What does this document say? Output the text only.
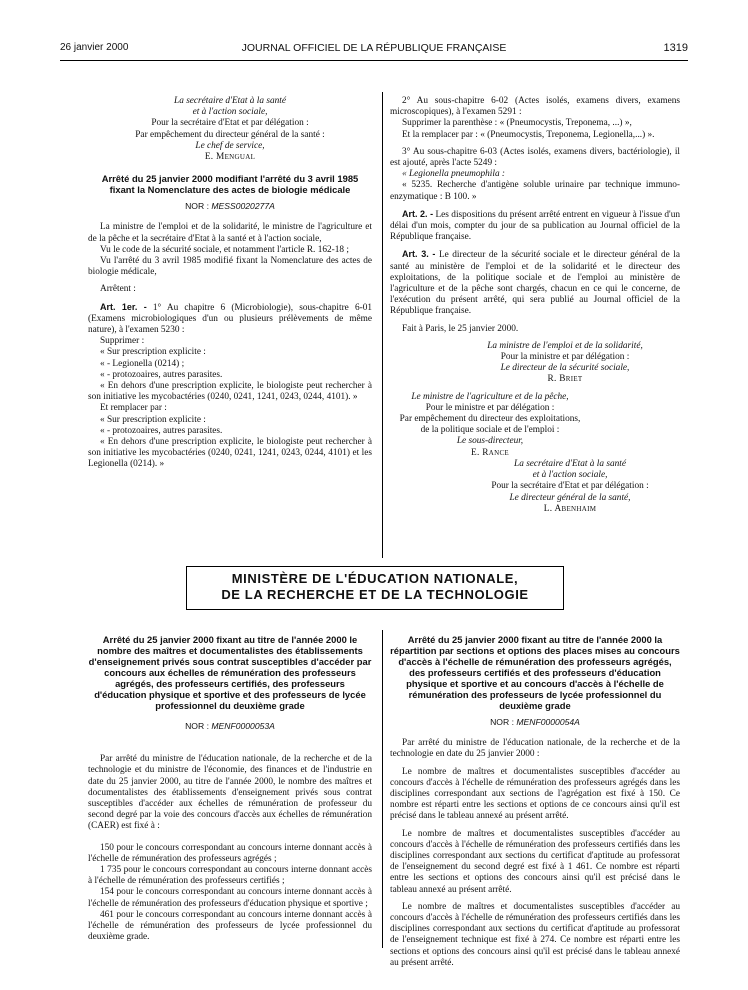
26 janvier 2000	JOURNAL OFFICIEL DE LA RÉPUBLIQUE FRANÇAISE	1319

La secrétaire d'Etat à la santé

et à l'action sociale,

Pour la secrétaire d'Etat et par délégation :

Par empêchement du directeur général de la santé :

Le chef de service,

E. Mengual

Arrêté du 25 janvier 2000 modifiant l'arrêté du 3 avril 1985 fixant la Nomenclature des actes de biologie médicale

NOR : MESS0020277A

La ministre de l'emploi et de la solidarité, le ministre de l'agriculture et de la pêche et la secrétaire d'Etat à la santé et à l'action sociale,

Vu le code de la sécurité sociale, et notamment l'article R. 162-18 ;

Vu l'arrêté du 3 avril 1985 modifié fixant la Nomenclature des actes de biologie médicale,

Arrêtent :

Art. 1er. - 1° Au chapitre 6 (Microbiologie), sous-chapitre 6-01 (Examens microbiologiques d'un ou plusieurs prélèvements de même nature), à l'examen 5230 :

Supprimer :

« Sur prescription explicite :

« - Legionella (0214) ;

« - protozoaires, autres parasites.

« En dehors d'une prescription explicite, le biologiste peut rechercher à son initiative les mycobactéries (0240, 0241, 1241, 0243, 0244, 4101). »

Et remplacer par :

« Sur prescription explicite :

« - protozoaires, autres parasites.

« En dehors d'une prescription explicite, le biologiste peut rechercher à son initiative les mycobactéries (0240, 0241, 1241, 0243, 0244, 4101) et les Legionella (0214). »

2° Au sous-chapitre 6-02 (Actes isolés, examens divers, examens microscopiques), à l'examen 5291 :

Supprimer la parenthèse : « (Pneumocystis, Treponema, ...) »,

Et la remplacer par : « (Pneumocystis, Treponema, Legionella,...) ».

3° Au sous-chapitre 6-03 (Actes isolés, examens divers, bactériologie), il est ajouté, après l'acte 5249 :

« Legionella pneumophila :

« 5235. Recherche d'antigène soluble urinaire par technique immuno-enzymatique : B 100. »

Art. 2. - Les dispositions du présent arrêté entrent en vigueur à l'issue d'un délai d'un mois, compter du jour de sa publication au Journal officiel de la République française.

Art. 3. - Le directeur de la sécurité sociale et le directeur général de la santé au ministère de l'emploi et de la solidarité et le directeur des exploitations, de la politique sociale et de l'emploi au ministère de l'agriculture et de la pêche sont chargés, chacun en ce qui le concerne, de l'exécution du présent arrêté, qui sera publié au Journal officiel de la République française.

Fait à Paris, le 25 janvier 2000.

La ministre de l'emploi et de la solidarité,

Pour la ministre et par délégation :

Le directeur de la sécurité sociale,

R. Briet

Le ministre de l'agriculture et de la pêche,

Pour le ministre et par délégation :

Par empêchement du directeur des exploitations,

de la politique sociale et de l'emploi :

Le sous-directeur,

E. Rance

La secrétaire d'Etat à la santé

et à l'action sociale,

Pour la secrétaire d'Etat et par délégation :

Le directeur général de la santé,

L. Abenhaim

MINISTÈRE DE L'ÉDUCATION NATIONALE,
DE LA RECHERCHE ET DE LA TECHNOLOGIE

Arrêté du 25 janvier 2000 fixant au titre de l'année 2000 le nombre des maîtres et documentalistes des établissements d'enseignement privés sous contrat susceptibles d'accéder par concours aux échelles de rémunération des professeurs agrégés, des professeurs certifiés, des professeurs d'éducation physique et sportive et des professeurs de lycée professionnel du deuxième grade

NOR : MENF0000053A

Par arrêté du ministre de l'éducation nationale, de la recherche et de la technologie et du ministre de l'économie, des finances et de l'industrie en date du 25 janvier 2000, au titre de l'année 2000, le nombre des maîtres et documentalistes des établissements d'enseignement privés sous contrat susceptibles d'accéder aux échelles de rémunération de professeur du second degré par la voie des concours d'accès aux échelles de rémunération (CAER) est fixé à :

150 pour le concours correspondant au concours interne donnant accès à l'échelle de rémunération des professeurs agrégés ;

1 735 pour le concours correspondant au concours interne donnant accès à l'échelle de rémunération des professeurs certifiés ;

154 pour le concours correspondant au concours interne donnant accès à l'échelle de rémunération des professeurs d'éducation physique et sportive ;

461 pour le concours correspondant au concours interne donnant accès à l'échelle de rémunération des professeurs de lycée professionnel du deuxième grade.

Arrêté du 25 janvier 2000 fixant au titre de l'année 2000 la répartition par sections et options des places mises au concours d'accès à l'échelle de rémunération des professeurs agrégés, des professeurs certifiés et des professeurs d'éducation physique et sportive et au concours d'accès à l'échelle de rémunération des professeurs de lycée professionnel du deuxième grade

NOR : MENF0000054A

Par arrêté du ministre de l'éducation nationale, de la recherche et de la technologie en date du 25 janvier 2000 :

Le nombre de maîtres et documentalistes susceptibles d'accéder au concours d'accès à l'échelle de rémunération des professeurs agrégés dans les disciplines correspondant aux sections de l'agrégation est fixé à 150. Ce nombre est réparti entre les sections et options de ce concours ainsi qu'il est précisé dans le tableau annexé au présent arrêté.

Le nombre de maîtres et documentalistes susceptibles d'accéder au concours d'accès à l'échelle de rémunération des professeurs certifiés dans les disciplines correspondant aux sections du certificat d'aptitude au professorat de l'enseignement du second degré est fixé à 1 461. Ce nombre est réparti entre les sections et options des concours ainsi qu'il est précisé dans le tableau annexé au présent arrêté.

Le nombre de maîtres et documentalistes susceptibles d'accéder au concours d'accès à l'échelle de rémunération des professeurs certifiés dans les disciplines correspondant aux sections du certificat d'aptitude au professorat de l'enseignement technique est fixé à 274. Ce nombre est réparti entre les sections et options des concours ainsi qu'il est précisé dans le tableau annexé au présent arrêté.
